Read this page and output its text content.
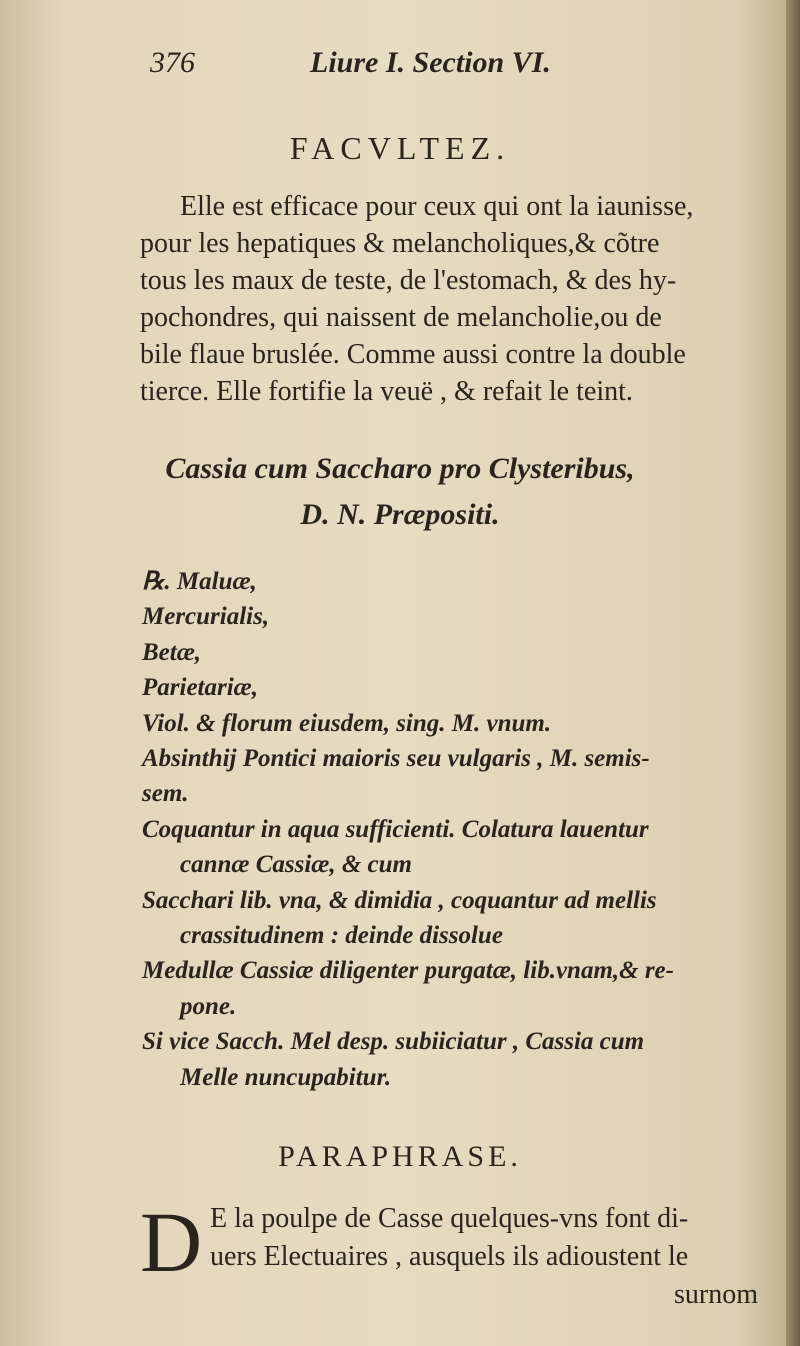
376	Liure I. Section VI.
FACVLTEZ.
Elle est efficace pour ceux qui ont la iaunisse,
pour les hepatiques & melancholiques,& cõtre
tous les maux de teste, de l'estomach, & des hy-
pochondres, qui naissent de melancholie,ou de
bile flaue bruslée. Comme aussi contre la double
tierce. Elle fortifie la veuë , & refait le teint.
Cassia cum Saccharo pro Clysteribus,
D. N. Præpositi.
℞. Maluæ,
Mercurialis,
Betæ,
Parietariæ,
Viol. & florum eiusdem, sing. M. vnum.
Absinthij Pontici maioris seu vulgaris , M. semis-
sem.
Coquantur in aqua sufficienti. Colatura lauentur
cannæ Cassiæ, & cum
Sacchari lib. vna, & dimidia , coquantur ad mellis
crassitudinem : deinde dissolue
Medullæ Cassiæ diligenter purgatæ, lib.vnam,& re-
pone.
Si vice Sacch. Mel desp. subiiciatur , Cassia cum
Melle nuncupabitur.
PARAPHRASE.
D E la poulpe de Casse quelques-vns font di-
uers Electuaires , ausquels ils adioustent le
surnom
